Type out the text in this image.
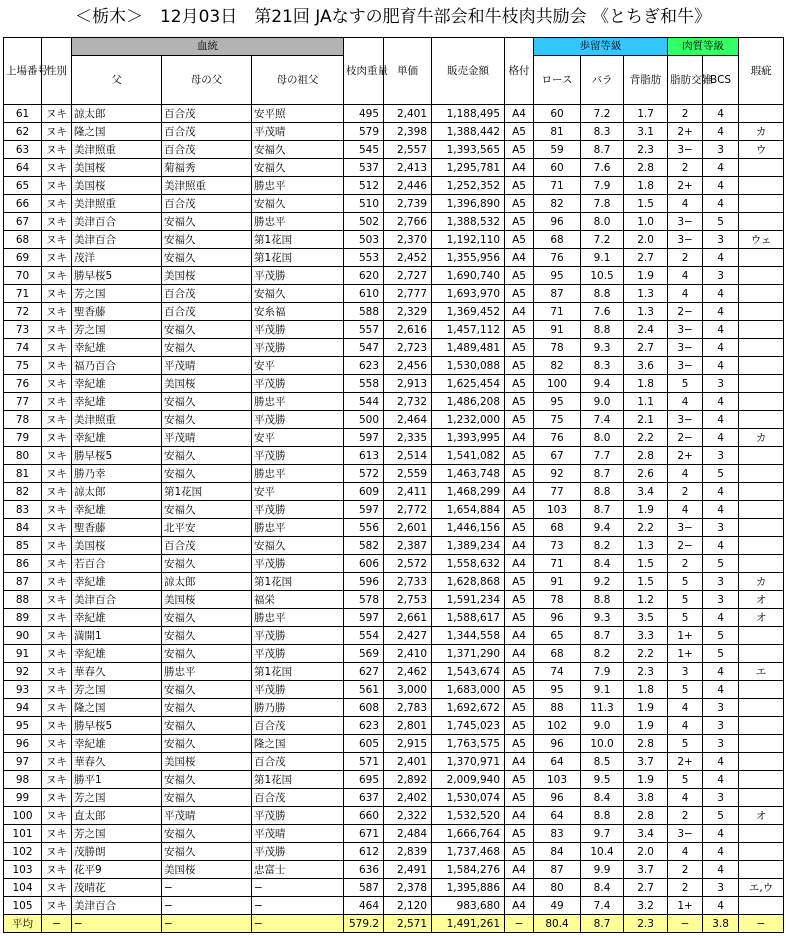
＜栃木＞　12月03日　第21回 JAなすの肥育牛部会和牛枝肉共励会 《とちぎ和牛》
上場番号	性別	血統			枝肉重量	単価	販売金額	格付	歩留等級			肉質等級		瑕疵
		父	母の父	母の祖父					ロース	バラ	背脂肪	脂肪交雑	BCS	
61	ヌキ	諒太郎	百合茂	安平照	495	2,401	1,188,495	A4	60	7.2	1.7	2	4	
62	ヌキ	隆之国	百合茂	平茂晴	579	2,398	1,388,442	A5	81	8.3	3.1	2+	4	カ
63	ヌキ	美津照重	百合茂	安福久	545	2,557	1,393,565	A5	59	8.7	2.3	3−	3	ウ
64	ヌキ	美国桜	菊福秀	安福久	537	2,413	1,295,781	A4	60	7.6	2.8	2	4	
65	ヌキ	美国桜	美津照重	勝忠平	512	2,446	1,252,352	A5	71	7.9	1.8	2+	4	
66	ヌキ	美津照重	百合茂	安福久	510	2,739	1,396,890	A5	82	7.8	1.5	4	4	
67	ヌキ	美津百合	安福久	勝忠平	502	2,766	1,388,532	A5	96	8.0	1.0	3−	5	
68	ヌキ	美津百合	安福久	第1花国	503	2,370	1,192,110	A5	68	7.2	2.0	3−	3	ウェ
69	ヌキ	茂洋	安福久	第1花国	553	2,452	1,355,956	A4	76	9.1	2.7	2	4	
70	ヌキ	勝早桜5	美国桜	平茂勝	620	2,727	1,690,740	A5	95	10.5	1.9	4	3	
71	ヌキ	芳之国	百合茂	安福久	610	2,777	1,693,970	A5	87	8.8	1.3	4	4	
72	ヌキ	聖香藤	百合茂	安糸福	588	2,329	1,369,452	A4	71	7.6	1.3	2−	4	
73	ヌキ	芳之国	安福久	平茂勝	557	2,616	1,457,112	A5	91	8.8	2.4	3−	4	
74	ヌキ	幸紀雄	安福久	平茂勝	547	2,723	1,489,481	A5	78	9.3	2.7	3−	4	
75	ヌキ	福乃百合	平茂晴	安平	623	2,456	1,530,088	A5	82	8.3	3.6	3−	4	
76	ヌキ	幸紀雄	美国桜	平茂勝	558	2,913	1,625,454	A5	100	9.4	1.8	5	3	
77	ヌキ	幸紀雄	安福久	勝忠平	544	2,732	1,486,208	A5	95	9.0	1.1	4	4	
78	ヌキ	美津照重	安福久	平茂勝	500	2,464	1,232,000	A5	75	7.4	2.1	3−	4	
79	ヌキ	幸紀雄	平茂晴	安平	597	2,335	1,393,995	A4	76	8.0	2.2	2−	4	カ
80	ヌキ	勝早桜5	安福久	平茂勝	613	2,514	1,541,082	A5	67	7.7	2.8	2+	3	
81	ヌキ	勝乃幸	安福久	勝忠平	572	2,559	1,463,748	A5	92	8.7	2.6	4	5	
82	ヌキ	諒太郎	第1花国	安平	609	2,411	1,468,299	A4	77	8.8	3.4	2	4	
83	ヌキ	幸紀雄	安福久	平茂勝	597	2,772	1,654,884	A5	103	8.7	1.9	4	4	
84	ヌキ	聖香藤	北平安	勝忠平	556	2,601	1,446,156	A5	68	9.4	2.2	3−	3	
85	ヌキ	美国桜	百合茂	安福久	582	2,387	1,389,234	A4	73	8.2	1.3	2−	4	
86	ヌキ	若百合	安福久	平茂勝	606	2,572	1,558,632	A4	71	8.4	1.5	2	5	
87	ヌキ	幸紀雄	諒太郎	第1花国	596	2,733	1,628,868	A5	91	9.2	1.5	5	3	カ
88	ヌキ	美津百合	美国桜	福栄	578	2,753	1,591,234	A5	78	8.8	1.2	5	3	オ
89	ヌキ	幸紀雄	安福久	勝忠平	597	2,661	1,588,617	A5	96	9.3	3.5	5	4	オ
90	ヌキ	満開1	安福久	平茂勝	554	2,427	1,344,558	A4	65	8.7	3.3	1+	5	
91	ヌキ	幸紀雄	安福久	平茂勝	569	2,410	1,371,290	A4	68	8.2	2.2	1+	5	
92	ヌキ	華春久	勝忠平	第1花国	627	2,462	1,543,674	A5	74	7.9	2.3	3	4	エ
93	ヌキ	芳之国	安福久	平茂勝	561	3,000	1,683,000	A5	95	9.1	1.8	5	4	
94	ヌキ	隆之国	安福久	勝乃勝	608	2,783	1,692,672	A5	88	11.3	1.9	4	3	
95	ヌキ	勝早桜5	安福久	百合茂	623	2,801	1,745,023	A5	102	9.0	1.9	4	3	
96	ヌキ	幸紀雄	安福久	隆之国	605	2,915	1,763,575	A5	96	10.0	2.8	5	3	
97	ヌキ	華春久	美国桜	百合茂	571	2,401	1,370,971	A4	64	8.5	3.7	2+	4	
98	ヌキ	勝平1	安福久	第1花国	695	2,892	2,009,940	A5	103	9.5	1.9	5	4	
99	ヌキ	芳之国	安福久	百合茂	637	2,402	1,530,074	A5	96	8.4	3.8	4	3	
100	ヌキ	直太郎	平茂晴	平茂勝	660	2,322	1,532,520	A4	64	8.8	2.8	2	5	オ
101	ヌキ	芳之国	安福久	平茂晴	671	2,484	1,666,764	A5	83	9.7	3.4	3−	4	
102	ヌキ	茂勝朗	安福久	平茂勝	612	2,839	1,737,468	A5	84	10.4	2.0	4	4	
103	ヌキ	花平9	美国桜	忠富士	636	2,491	1,584,276	A4	87	9.9	3.7	2	4	
104	ヌキ	茂晴花	−	−	587	2,378	1,395,886	A4	80	8.4	2.7	2	3	エ,ウ
105	ヌキ	美津百合	−	−	464	2,120	983,680	A4	49	7.4	3.2	1+	4	
平均	−	−	−	−	579.2	2,571	1,491,261	−	80.4	8.7	2.3	−	3.8	−
